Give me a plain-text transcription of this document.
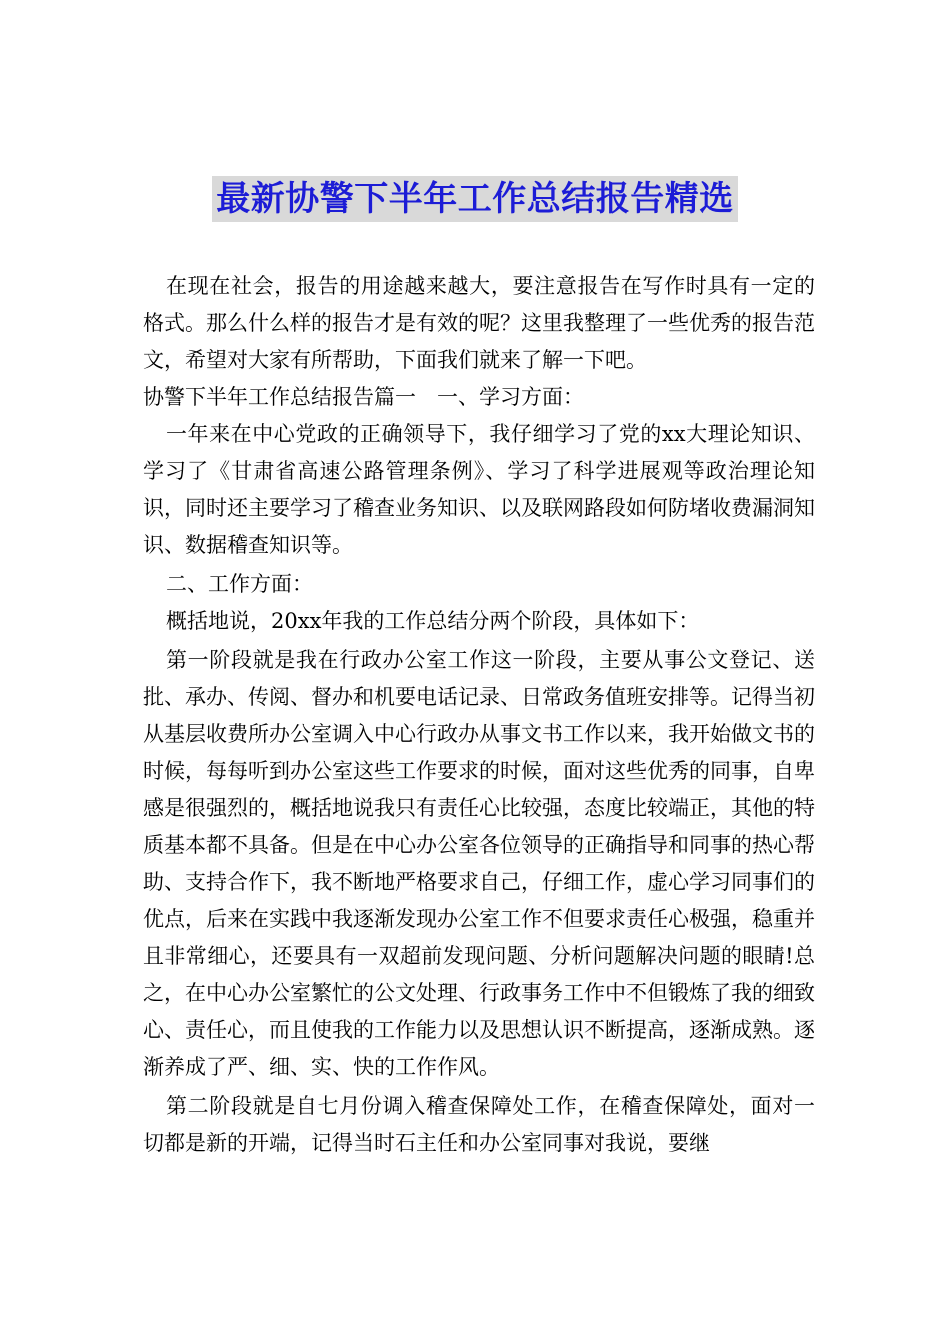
最新协警下半年工作总结报告精选

在现在社会，报告的用途越来越大，要注意报告在写作时具有一定的格式。那么什么样的报告才是有效的呢？这里我整理了一些优秀的报告范文，希望对大家有所帮助，下面我们就来了解一下吧。

协警下半年工作总结报告篇一　一、学习方面：

一年来在中心党政的正确领导下，我仔细学习了党的xx大理论知识、学习了《甘肃省高速公路管理条例》、学习了科学进展观等政治理论知识，同时还主要学习了稽查业务知识、以及联网路段如何防堵收费漏洞知识、数据稽查知识等。

二、工作方面：

概括地说，20xx年我的工作总结分两个阶段，具体如下：

第一阶段就是我在行政办公室工作这一阶段，主要从事公文登记、送批、承办、传阅、督办和机要电话记录、日常政务值班安排等。记得当初从基层收费所办公室调入中心行政办从事文书工作以来，我开始做文书的时候，每每听到办公室这些工作要求的时候，面对这些优秀的同事，自卑感是很强烈的，概括地说我只有责任心比较强，态度比较端正，其他的特质基本都不具备。但是在中心办公室各位领导的正确指导和同事的热心帮助、支持合作下，我不断地严格要求自己，仔细工作，虚心学习同事们的优点，后来在实践中我逐渐发现办公室工作不但要求责任心极强，稳重并且非常细心，还要具有一双超前发现问题、分析问题解决问题的眼睛!总之，在中心办公室繁忙的公文处理、行政事务工作中不但锻炼了我的细致心、责任心，而且使我的工作能力以及思想认识不断提高，逐渐成熟。逐渐养成了严、细、实、快的工作作风。

第二阶段就是自七月份调入稽查保障处工作，在稽查保障处，面对一切都是新的开端，记得当时石主任和办公室同事对我说，要继
